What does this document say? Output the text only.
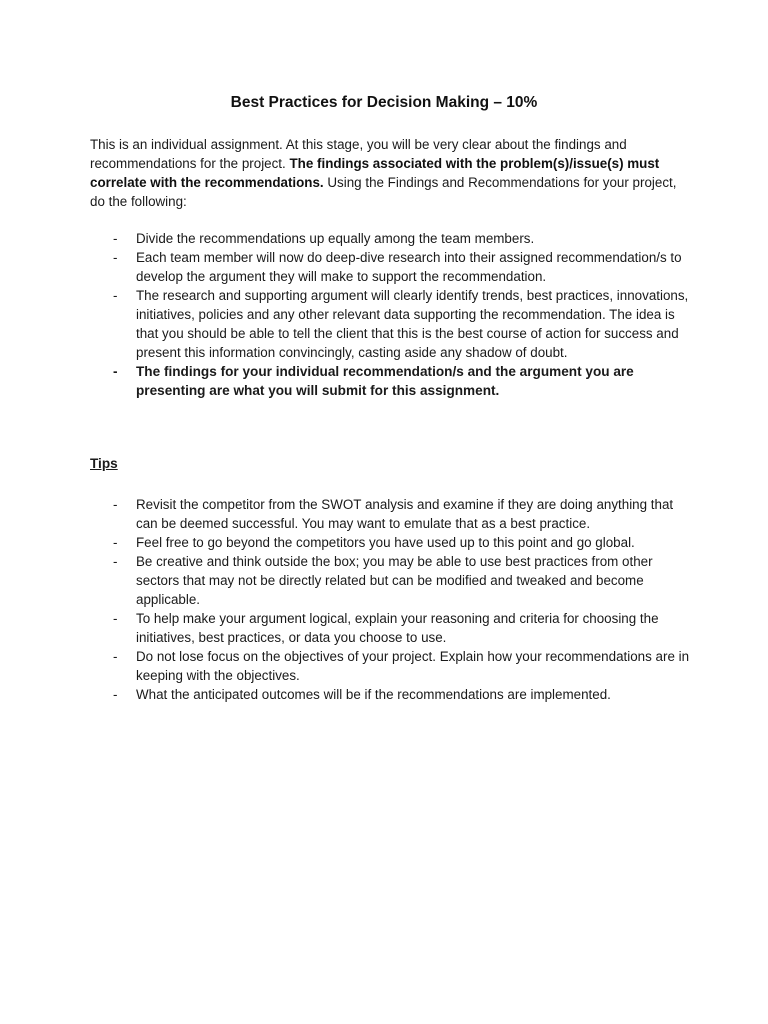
Best Practices for Decision Making – 10%

This is an individual assignment. At this stage, you will be very clear about the findings and recommendations for the project. The findings associated with the problem(s)/issue(s) must correlate with the recommendations. Using the Findings and Recommendations for your project, do the following:

- Divide the recommendations up equally among the team members.
- Each team member will now do deep-dive research into their assigned recommendation/s to develop the argument they will make to support the recommendation.
- The research and supporting argument will clearly identify trends, best practices, innovations, initiatives, policies and any other relevant data supporting the recommendation. The idea is that you should be able to tell the client that this is the best course of action for success and present this information convincingly, casting aside any shadow of doubt.
- The findings for your individual recommendation/s and the argument you are presenting are what you will submit for this assignment.
Tips
- Revisit the competitor from the SWOT analysis and examine if they are doing anything that can be deemed successful. You may want to emulate that as a best practice.
- Feel free to go beyond the competitors you have used up to this point and go global.
- Be creative and think outside the box; you may be able to use best practices from other sectors that may not be directly related but can be modified and tweaked and become applicable.
- To help make your argument logical, explain your reasoning and criteria for choosing the initiatives, best practices, or data you choose to use.
- Do not lose focus on the objectives of your project. Explain how your recommendations are in keeping with the objectives.
- What the anticipated outcomes will be if the recommendations are implemented.
